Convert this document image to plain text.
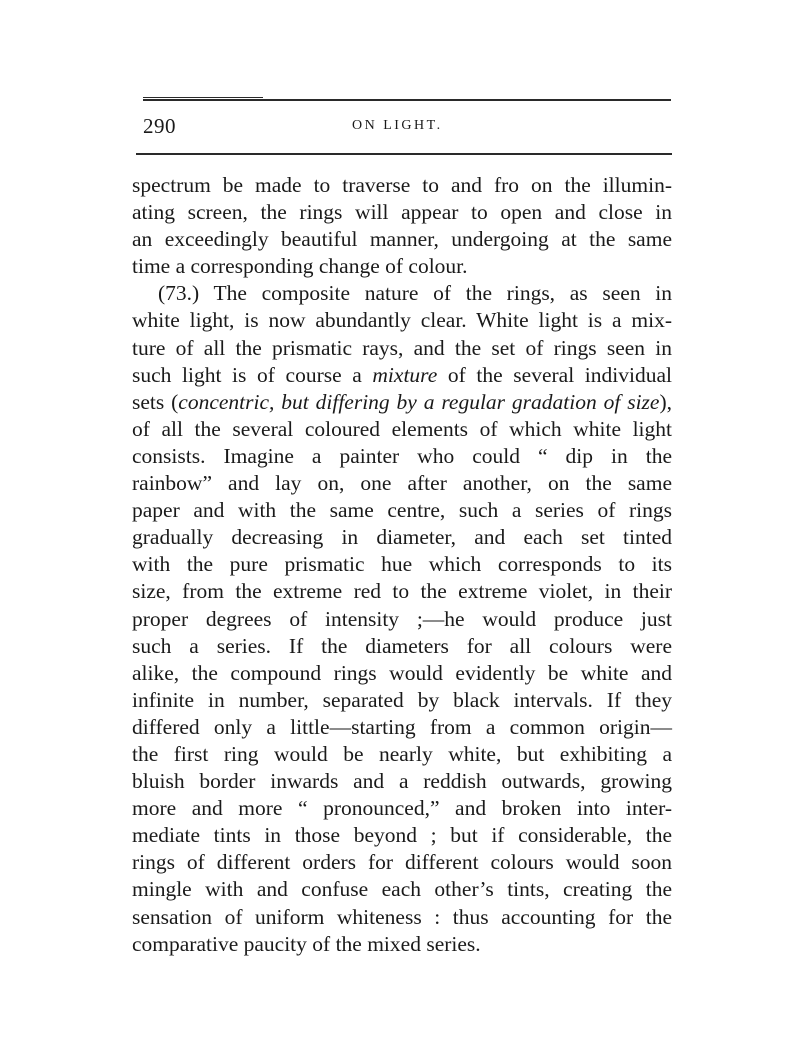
290	ON LIGHT.
spectrum be made to traverse to and fro on the illumin-
ating screen, the rings will appear to open and close in
an exceedingly beautiful manner, undergoing at the same
time a corresponding change of colour.
(73.) The composite nature of the rings, as seen in
white light, is now abundantly clear. White light is a mix-
ture of all the prismatic rays, and the set of rings seen in
such light is of course a mixture of the several individual
sets (concentric, but differing by a regular gradation of size),
of all the several coloured elements of which white light
consists. Imagine a painter who could “ dip in the
rainbow” and lay on, one after another, on the same
paper and with the same centre, such a series of rings
gradually decreasing in diameter, and each set tinted
with the pure prismatic hue which corresponds to its
size, from the extreme red to the extreme violet, in their
proper degrees of intensity ;—he would produce just
such a series. If the diameters for all colours were
alike, the compound rings would evidently be white and
infinite in number, separated by black intervals. If they
differed only a little—starting from a common origin—
the first ring would be nearly white, but exhibiting a
bluish border inwards and a reddish outwards, growing
more and more “ pronounced,” and broken into inter-
mediate tints in those beyond ; but if considerable, the
rings of different orders for different colours would soon
mingle with and confuse each other’s tints, creating the
sensation of uniform whiteness : thus accounting for the
comparative paucity of the mixed series.
